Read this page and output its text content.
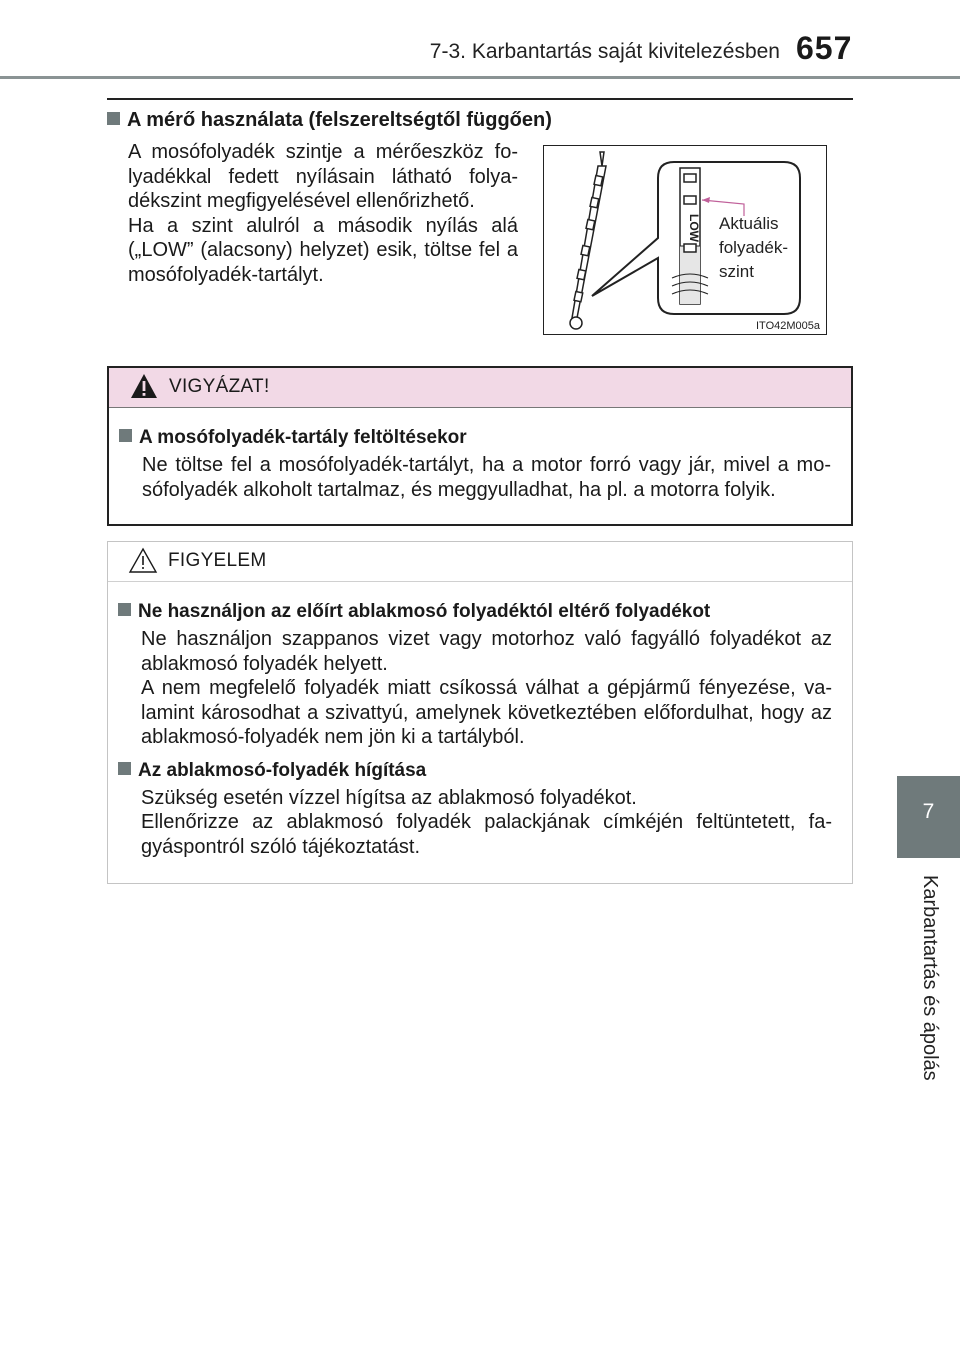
7-3. Karbantartás saját kivitelezésben 657
7
Karbantartás és ápolás
A mérő használata (felszereltségtől függően)

A mosófolyadék szintje a mérőeszköz fo-lyadékkal fedett nyílásain látható folya-dékszint megfigyelésével ellenőrizhető.

Ha a szint alulról a második nyílás alá („LOW” (alacsony) helyzet) esik, töltse fel a mosófolyadék-tartályt.

LOW Aktuális
folyadék-
szint
ITO42M005a
VIGYÁZAT!

A mosófolyadék-tartály feltöltésekor

Ne töltse fel a mosófolyadék-tartályt, ha a motor forró vagy jár, mivel a mo-sófolyadék alkoholt tartalmaz, és meggyulladhat, ha pl. a motorra folyik.

FIGYELEM

Ne használjon az előírt ablakmosó folyadéktól eltérő folyadékot

Ne használjon szappanos vizet vagy motorhoz való fagyálló folyadékot az ablakmosó folyadék helyett.

A nem megfelelő folyadék miatt csíkossá válhat a gépjármű fényezése, va-lamint károsodhat a szivattyú, amelynek következtében előfordulhat, hogy az ablakmosó-folyadék nem jön ki a tartályból.

Az ablakmosó-folyadék hígítása

Szükség esetén vízzel hígítsa az ablakmosó folyadékot.

Ellenőrizze az ablakmosó folyadék palackjának címkéjén feltüntetett, fa-gyáspontról szóló tájékoztatást.
